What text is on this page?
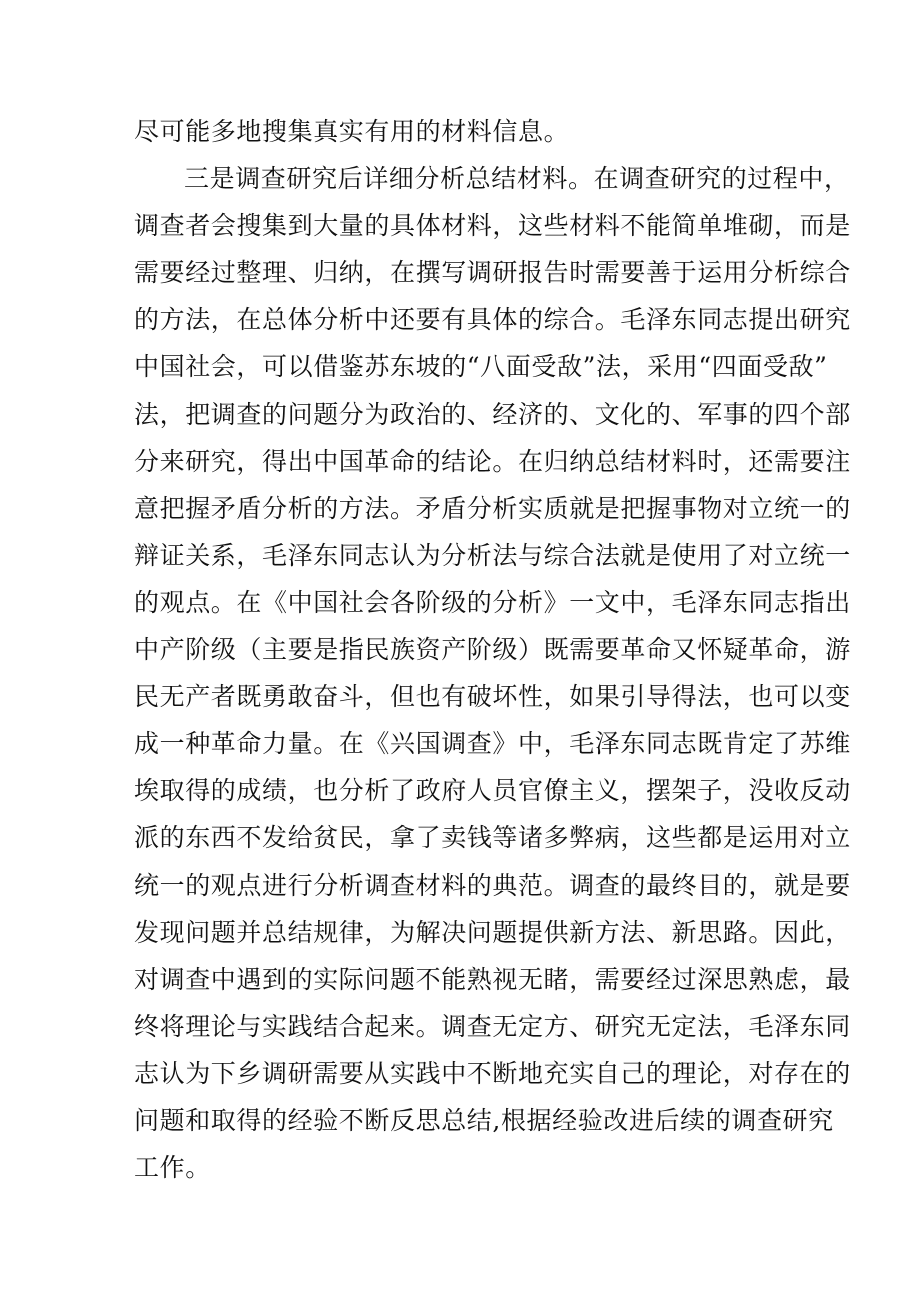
尽可能多地搜集真实有用的材料信息。
三是调查研究后详细分析总结材料。在调查研究的过程中，
调查者会搜集到大量的具体材料，这些材料不能简单堆砌，而是
需要经过整理、归纳，在撰写调研报告时需要善于运用分析综合
的方法，在总体分析中还要有具体的综合。毛泽东同志提出研究
中国社会，可以借鉴苏东坡的“八面受敌”法，采用“四面受敌”
法，把调查的问题分为政治的、经济的、文化的、军事的四个部
分来研究，得出中国革命的结论。在归纳总结材料时，还需要注
意把握矛盾分析的方法。矛盾分析实质就是把握事物对立统一的
辩证关系，毛泽东同志认为分析法与综合法就是使用了对立统一
的观点。在《中国社会各阶级的分析》一文中，毛泽东同志指出
中产阶级（主要是指民族资产阶级）既需要革命又怀疑革命，游
民无产者既勇敢奋斗，但也有破坏性，如果引导得法，也可以变
成一种革命力量。在《兴国调查》中，毛泽东同志既肯定了苏维
埃取得的成绩，也分析了政府人员官僚主义，摆架子，没收反动
派的东西不发给贫民，拿了卖钱等诸多弊病，这些都是运用对立
统一的观点进行分析调查材料的典范。调查的最终目的，就是要
发现问题并总结规律，为解决问题提供新方法、新思路。因此，
对调查中遇到的实际问题不能熟视无睹，需要经过深思熟虑，最
终将理论与实践结合起来。调查无定方、研究无定法，毛泽东同
志认为下乡调研需要从实践中不断地充实自己的理论，对存在的
问题和取得的经验不断反思总结,根据经验改进后续的调查研究
工作。
